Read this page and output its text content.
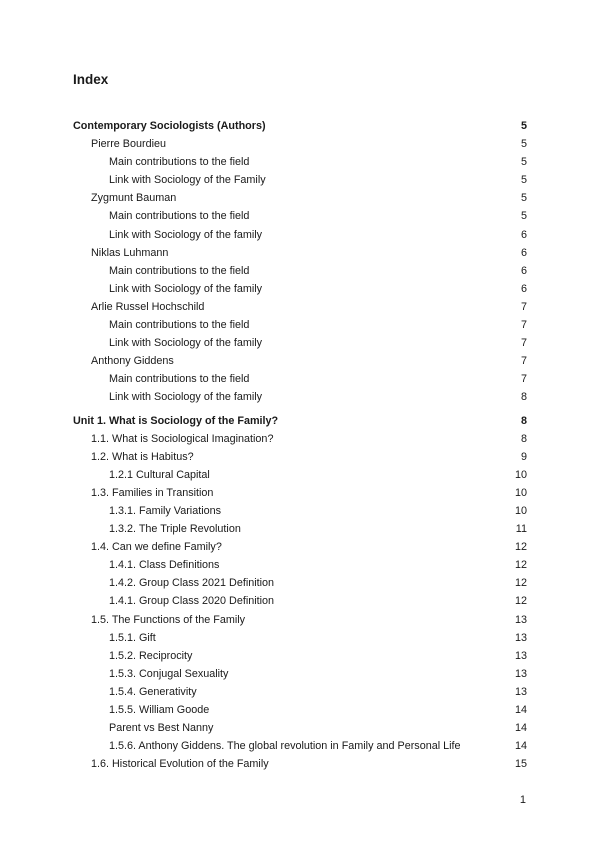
Index
Contemporary Sociologists (Authors)	5
Pierre Bourdieu	5
Main contributions to the field	5
Link with Sociology of the Family	5
Zygmunt Bauman	5
Main contributions to the field	5
Link with Sociology of the family	6
Niklas Luhmann	6
Main contributions to the field	6
Link with Sociology of the family	6
Arlie Russel Hochschild	7
Main contributions to the field	7
Link with Sociology of the family	7
Anthony Giddens	7
Main contributions to the field	7
Link with Sociology of the family	8
Unit 1. What is Sociology of the Family?	8
1.1. What is Sociological Imagination?	8
1.2. What is Habitus?	9
1.2.1 Cultural Capital	10
1.3. Families in Transition	10
1.3.1. Family Variations	10
1.3.2. The Triple Revolution	11
1.4. Can we define Family?	12
1.4.1. Class Definitions	12
1.4.2. Group Class 2021 Definition	12
1.4.1. Group Class 2020 Definition	12
1.5. The Functions of the Family	13
1.5.1. Gift	13
1.5.2. Reciprocity	13
1.5.3. Conjugal Sexuality	13
1.5.4. Generativity	13
1.5.5. William Goode	14
Parent vs Best Nanny	14
1.5.6. Anthony Giddens. The global revolution in Family and Personal Life	14
1.6. Historical Evolution of the Family	15
1
